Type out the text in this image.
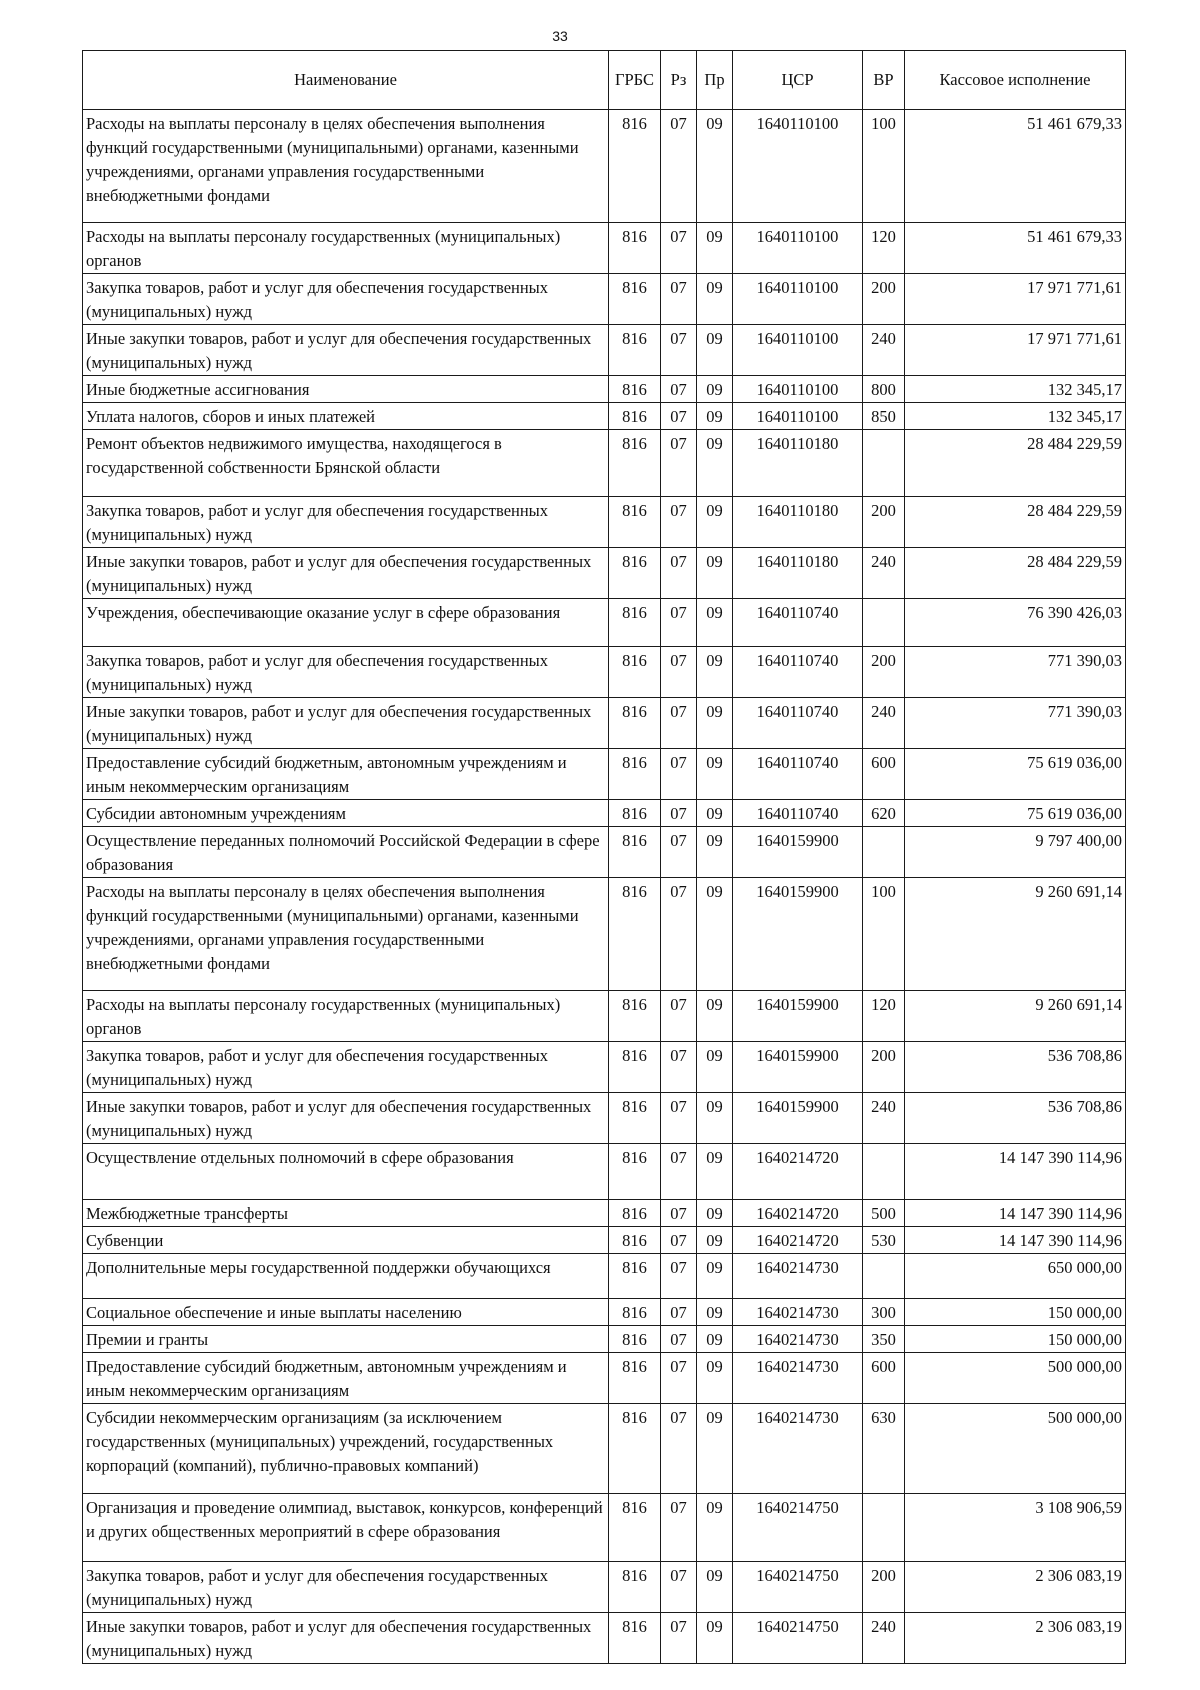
33
Наименование	ГРБС	Рз	Пр	ЦСР	ВР	Кассовое исполнение
Расходы на выплаты персоналу в целях обеспечения выполнения функций государственными (муниципальными) органами, казенными учреждениями, органами управления государственными внебюджетными фондами	816	07	09	1640110100	100	51 461 679,33
Расходы на выплаты персоналу государственных (муниципальных) органов	816	07	09	1640110100	120	51 461 679,33
Закупка товаров, работ и услуг для обеспечения государственных (муниципальных) нужд	816	07	09	1640110100	200	17 971 771,61
Иные закупки товаров, работ и услуг для обеспечения государственных (муниципальных) нужд	816	07	09	1640110100	240	17 971 771,61
Иные бюджетные ассигнования	816	07	09	1640110100	800	132 345,17
Уплата налогов, сборов и иных платежей	816	07	09	1640110100	850	132 345,17
Ремонт объектов недвижимого имущества, находящегося в государственной собственности Брянской области	816	07	09	1640110180		28 484 229,59
Закупка товаров, работ и услуг для обеспечения государственных (муниципальных) нужд	816	07	09	1640110180	200	28 484 229,59
Иные закупки товаров, работ и услуг для обеспечения государственных (муниципальных) нужд	816	07	09	1640110180	240	28 484 229,59
Учреждения, обеспечивающие оказание услуг в сфере образования	816	07	09	1640110740		76 390 426,03
Закупка товаров, работ и услуг для обеспечения государственных (муниципальных) нужд	816	07	09	1640110740	200	771 390,03
Иные закупки товаров, работ и услуг для обеспечения государственных (муниципальных) нужд	816	07	09	1640110740	240	771 390,03
Предоставление субсидий бюджетным, автономным учреждениям и иным некоммерческим организациям	816	07	09	1640110740	600	75 619 036,00
Субсидии автономным учреждениям	816	07	09	1640110740	620	75 619 036,00
Осуществление переданных полномочий Российской Федерации в сфере образования	816	07	09	1640159900		9 797 400,00
Расходы на выплаты персоналу в целях обеспечения выполнения функций государственными (муниципальными) органами, казенными учреждениями, органами управления государственными внебюджетными фондами	816	07	09	1640159900	100	9 260 691,14
Расходы на выплаты персоналу государственных (муниципальных) органов	816	07	09	1640159900	120	9 260 691,14
Закупка товаров, работ и услуг для обеспечения государственных (муниципальных) нужд	816	07	09	1640159900	200	536 708,86
Иные закупки товаров, работ и услуг для обеспечения государственных (муниципальных) нужд	816	07	09	1640159900	240	536 708,86
Осуществление отдельных полномочий в сфере образования	816	07	09	1640214720		14 147 390 114,96
Межбюджетные трансферты	816	07	09	1640214720	500	14 147 390 114,96
Субвенции	816	07	09	1640214720	530	14 147 390 114,96
Дополнительные меры государственной поддержки обучающихся	816	07	09	1640214730		650 000,00
Социальное обеспечение и иные выплаты населению	816	07	09	1640214730	300	150 000,00
Премии и гранты	816	07	09	1640214730	350	150 000,00
Предоставление субсидий бюджетным, автономным учреждениям и иным некоммерческим организациям	816	07	09	1640214730	600	500 000,00
Субсидии некоммерческим организациям (за исключением государственных (муниципальных) учреждений, государственных корпораций (компаний), публично-правовых компаний)	816	07	09	1640214730	630	500 000,00
Организация и проведение олимпиад, выставок, конкурсов, конференций и других общественных мероприятий в сфере образования	816	07	09	1640214750		3 108 906,59
Закупка товаров, работ и услуг для обеспечения государственных (муниципальных) нужд	816	07	09	1640214750	200	2 306 083,19
Иные закупки товаров, работ и услуг для обеспечения государственных (муниципальных) нужд	816	07	09	1640214750	240	2 306 083,19
